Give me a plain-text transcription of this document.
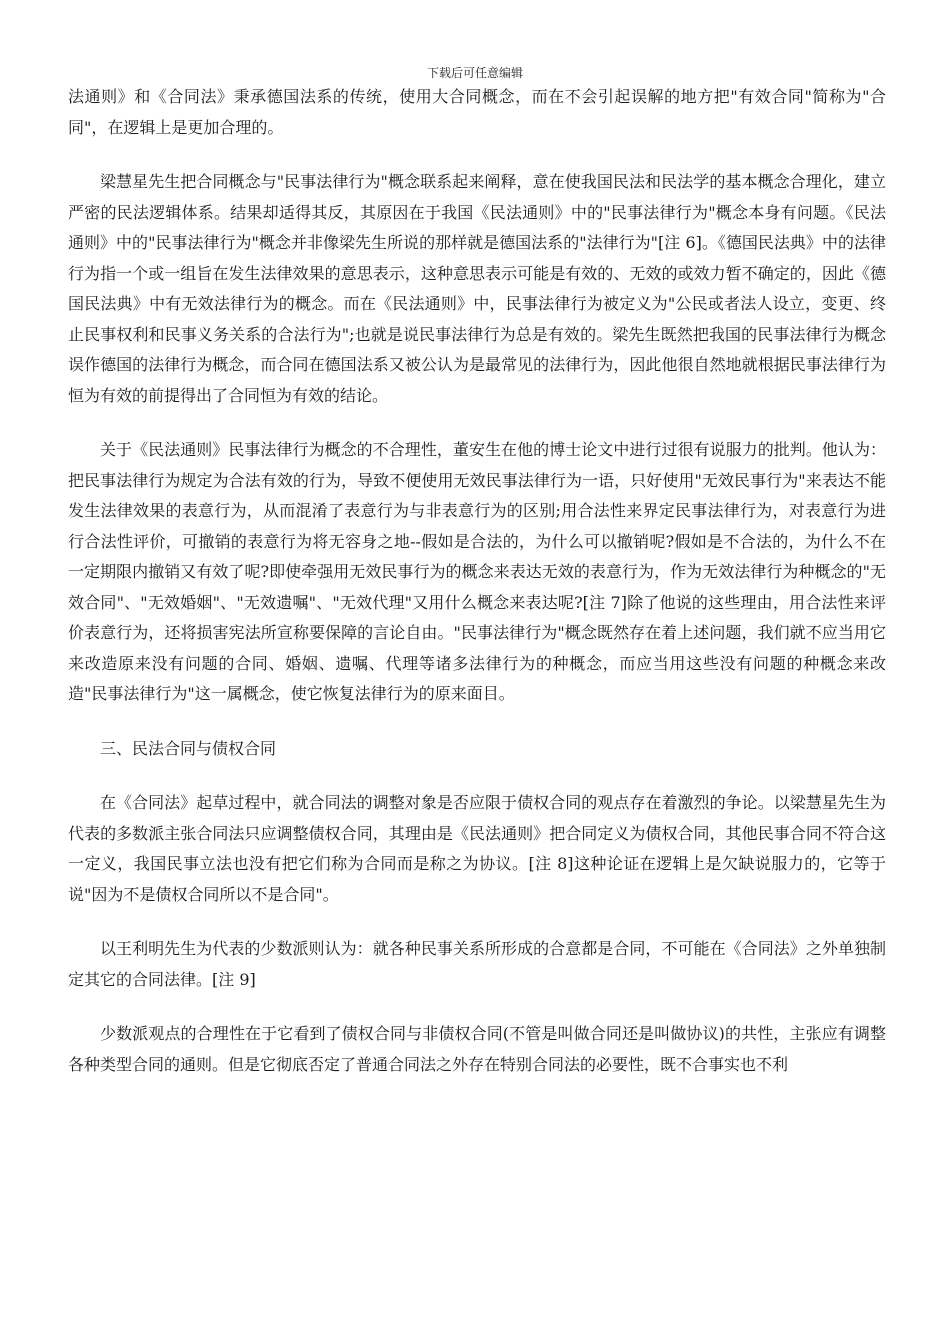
下载后可任意编辑

法通则》和《合同法》秉承德国法系的传统，使用大合同概念，而在不会引起误解的地方把"有效合同"简称为"合同"，在逻辑上是更加合理的。

梁慧星先生把合同概念与"民事法律行为"概念联系起来阐释，意在使我国民法和民法学的基本概念合理化，建立严密的民法逻辑体系。结果却适得其反，其原因在于我国《民法通则》中的"民事法律行为"概念本身有问题。《民法通则》中的"民事法律行为"概念并非像梁先生所说的那样就是德国法系的"法律行为"[注 6]。《德国民法典》中的法律行为指一个或一组旨在发生法律效果的意思表示，这种意思表示可能是有效的、无效的或效力暂不确定的，因此《德国民法典》中有无效法律行为的概念。而在《民法通则》中，民事法律行为被定义为"公民或者法人设立，变更、终止民事权利和民事义务关系的合法行为";也就是说民事法律行为总是有效的。梁先生既然把我国的民事法律行为概念误作德国的法律行为概念，而合同在德国法系又被公认为是最常见的法律行为，因此他很自然地就根据民事法律行为恒为有效的前提得出了合同恒为有效的结论。

关于《民法通则》民事法律行为概念的不合理性，董安生在他的博士论文中进行过很有说服力的批判。他认为：把民事法律行为规定为合法有效的行为，导致不便使用无效民事法律行为一语，只好使用"无效民事行为"来表达不能发生法律效果的表意行为，从而混淆了表意行为与非表意行为的区别;用合法性来界定民事法律行为，对表意行为进行合法性评价，可撤销的表意行为将无容身之地--假如是合法的，为什么可以撤销呢?假如是不合法的，为什么不在一定期限内撤销又有效了呢?即使牵强用无效民事行为的概念来表达无效的表意行为，作为无效法律行为种概念的"无效合同"、"无效婚姻"、"无效遗嘱"、"无效代理"又用什么概念来表达呢?[注 7]除了他说的这些理由，用合法性来评价表意行为，还将损害宪法所宣称要保障的言论自由。"民事法律行为"概念既然存在着上述问题，我们就不应当用它来改造原来没有问题的合同、婚姻、遗嘱、代理等诸多法律行为的种概念，而应当用这些没有问题的种概念来改造"民事法律行为"这一属概念，使它恢复法律行为的原来面目。

三、民法合同与债权合同

在《合同法》起草过程中，就合同法的调整对象是否应限于债权合同的观点存在着激烈的争论。以梁慧星先生为代表的多数派主张合同法只应调整债权合同，其理由是《民法通则》把合同定义为债权合同，其他民事合同不符合这一定义，我国民事立法也没有把它们称为合同而是称之为协议。[注 8]这种论证在逻辑上是欠缺说服力的，它等于说"因为不是债权合同所以不是合同"。

以王利明先生为代表的少数派则认为：就各种民事关系所形成的合意都是合同，不可能在《合同法》之外单独制定其它的合同法律。[注 9]

少数派观点的合理性在于它看到了债权合同与非债权合同(不管是叫做合同还是叫做协议)的共性，主张应有调整各种类型合同的通则。但是它彻底否定了普通合同法之外存在特别合同法的必要性，既不合事实也不利
